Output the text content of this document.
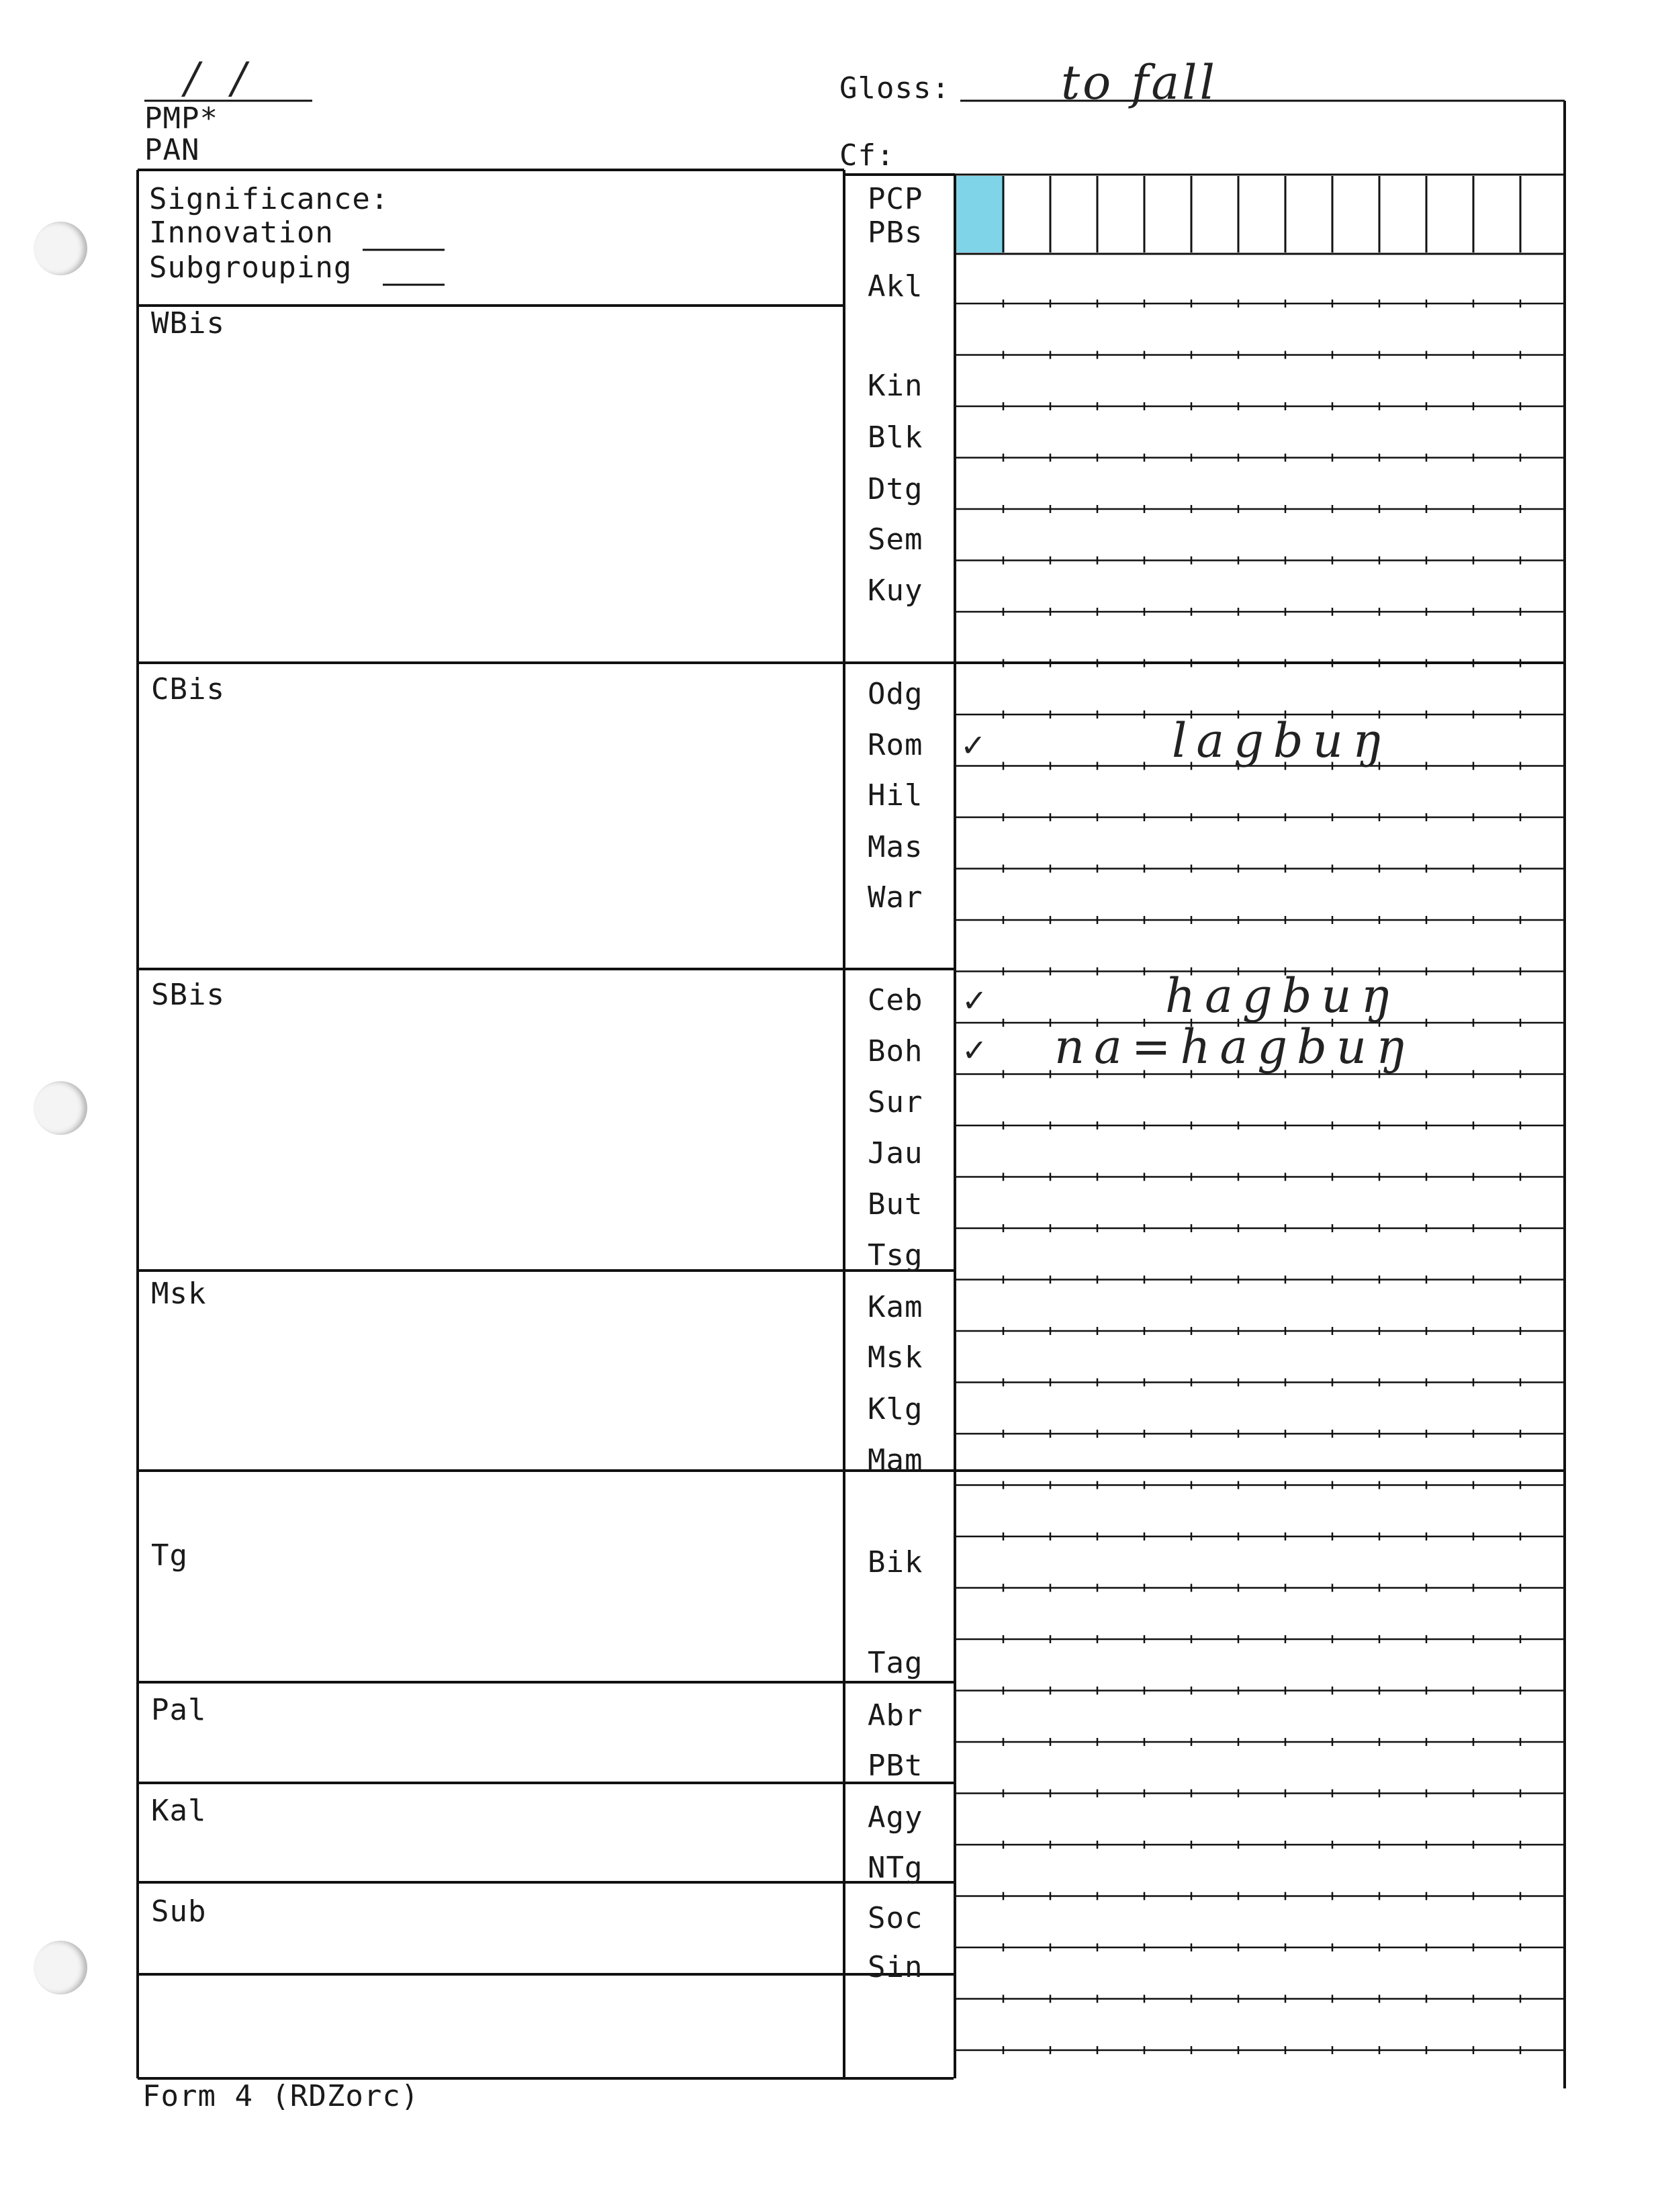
/ /
PMP*
PAN
Gloss: to fall
Cf:
Significance:
Innovation
Subgrouping
WBis
CBis
SBis
Msk
Tg
Pal
Kal
Sub
PCP
PBs
Akl
Kin
Blk
Dtg
Sem
Kuy
Odg
Rom
Hil
Mas
War
Ceb
Boh
Sur
Jau
But
Tsg
Kam
Msk
Klg
Mam
Bik
Tag
Abr
PBt
Agy
NTg
Soc
Sin
✓	lagbuŋ
✓	hagbuŋ
✓ na=hagbuŋ
Form 4 (RDZorc)
